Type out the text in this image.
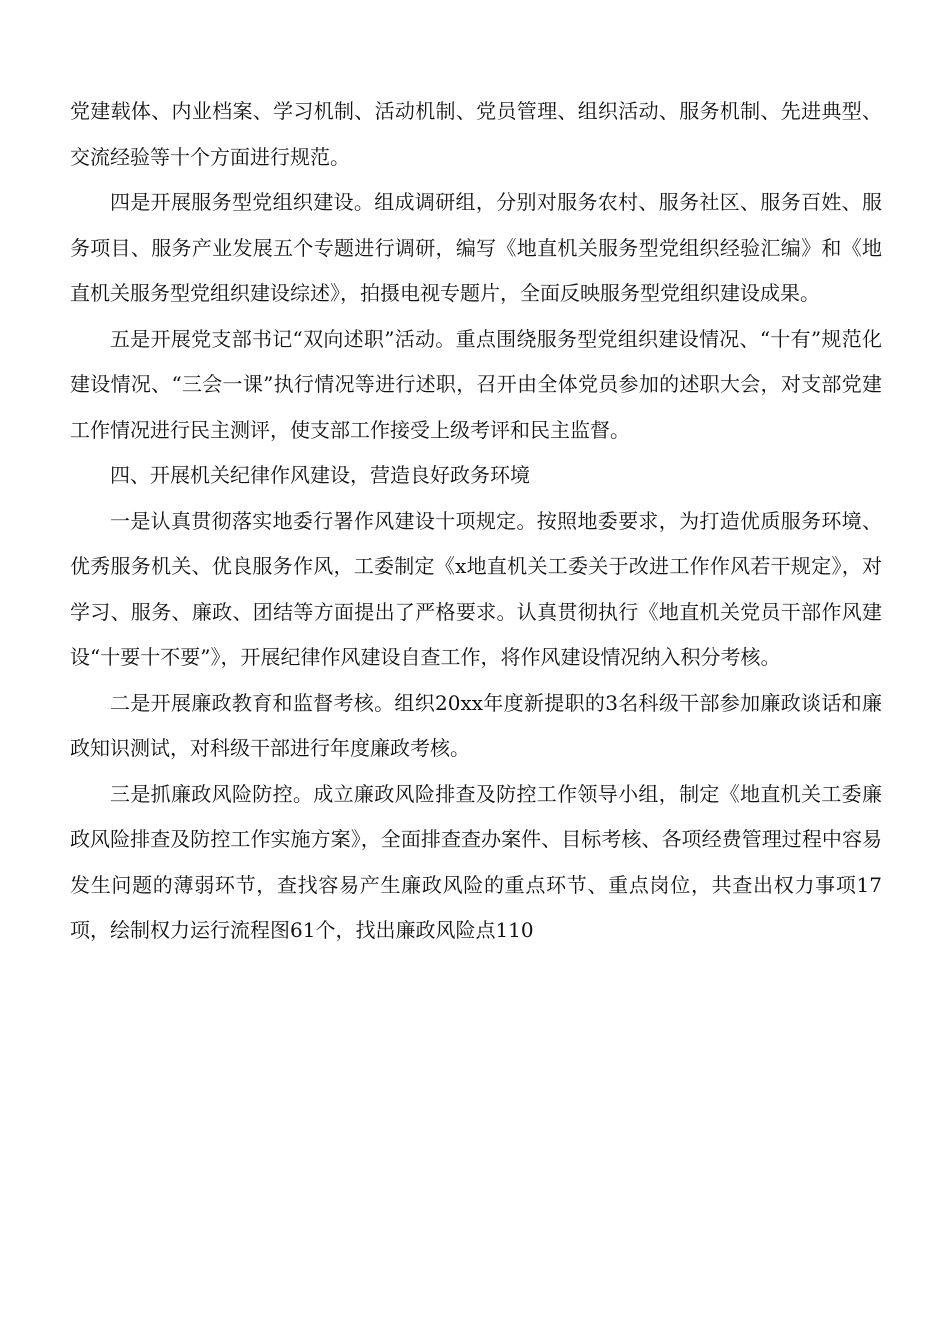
党建载体、内业档案、学习机制、活动机制、党员管理、组织活动、服务机制、先进典型、交流经验等十个方面进行规范。

四是开展服务型党组织建设。组成调研组，分别对服务农村、服务社区、服务百姓、服务项目、服务产业发展五个专题进行调研，编写《地直机关服务型党组织经验汇编》和《地直机关服务型党组织建设综述》，拍摄电视专题片，全面反映服务型党组织建设成果。

五是开展党支部书记“双向述职”活动。重点围绕服务型党组织建设情况、“十有”规范化建设情况、“三会一课”执行情况等进行述职，召开由全体党员参加的述职大会，对支部党建工作情况进行民主测评，使支部工作接受上级考评和民主监督。

四、开展机关纪律作风建设，营造良好政务环境

一是认真贯彻落实地委行署作风建设十项规定。按照地委要求，为打造优质服务环境、优秀服务机关、优良服务作风，工委制定《x地直机关工委关于改进工作作风若干规定》，对学习、服务、廉政、团结等方面提出了严格要求。认真贯彻执行《地直机关党员干部作风建设“十要十不要”》，开展纪律作风建设自查工作，将作风建设情况纳入积分考核。

二是开展廉政教育和监督考核。组织20xx年度新提职的3名科级干部参加廉政谈话和廉政知识测试，对科级干部进行年度廉政考核。

三是抓廉政风险防控。成立廉政风险排查及防控工作领导小组，制定《地直机关工委廉政风险排查及防控工作实施方案》，全面排查查办案件、目标考核、各项经费管理过程中容易发生问题的薄弱环节，查找容易产生廉政风险的重点环节、重点岗位，共查出权力事项17项，绘制权力运行流程图61个，找出廉政风险点110
